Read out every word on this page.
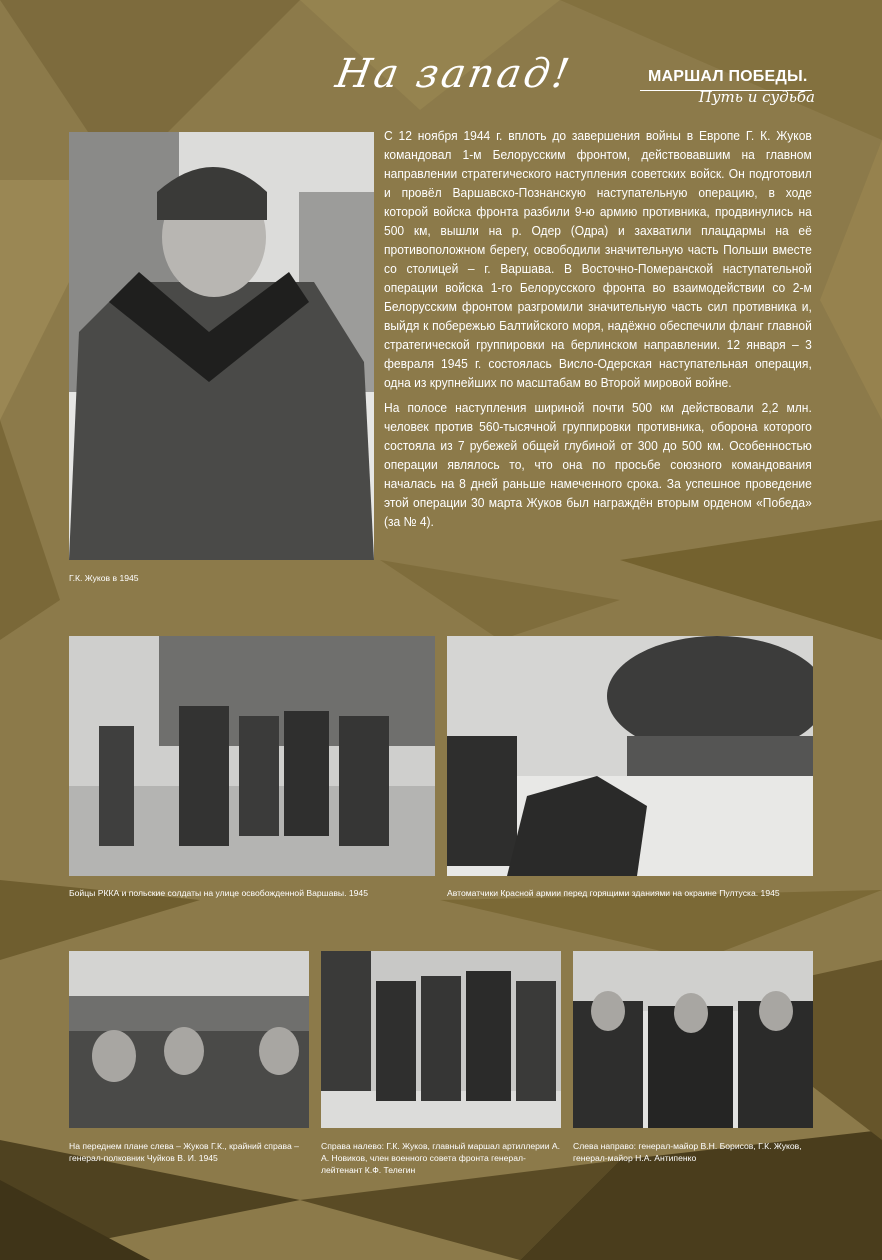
На запад!	МАРШАЛ ПОБЕДЫ.
Путь и судьба
Г.К. Жуков в 1945

С 12 ноября 1944 г. вплоть до завершения войны в Европе Г. К. Жуков командовал 1-м Белорусским фронтом, действовавшим на главном направлении стратегического наступления советских войск. Он подготовил и провёл Варшавско-Познанскую наступательную операцию, в ходе которой войска фронта разбили 9-ю армию противника, продвинулись на 500 км, вышли на р. Одер (Одра) и захватили плацдармы на её противоположном берегу, освободили значительную часть Польши вместе со столицей – г. Варшава. В Восточно-Померанской наступательной операции войска 1-го Белорусского фронта во взаимодействии со 2-м Белорусским фронтом разгромили значительную часть сил противника и, выйдя к побережью Балтийского моря, надёжно обеспечили фланг главной стратегической группировки на берлинском направлении. 12 января – 3 февраля 1945 г. состоялась Висло-Одерская наступательная операция, одна из крупнейших по масштабам во Второй мировой войне.

На полосе наступления шириной почти 500 км действовали 2,2 млн. человек против 560-тысячной группировки противника, оборона которого состояла из 7 рубежей общей глубиной от 300 до 500 км. Особенностью операции являлось то, что она по просьбе союзного командования началась на 8 дней раньше намеченного срока. За успешное проведение этой операции 30 марта Жуков был награждён вторым орденом «Победа» (за № 4).

Бойцы РККА и польские солдаты на улице освобожденной Варшавы. 1945	Автоматчики Красной армии перед горящими зданиями на окраине Пултуска. 1945
На переднем плане слева – Жуков Г.К., крайний справа – генерал-полковник Чуйков В. И. 1945
Справа налево: Г.К. Жуков, главный маршал артиллерии А. А. Новиков, член военного совета фронта генерал-лейтенант К.Ф. Телегин
Слева направо: генерал-майор В.Н. Борисов, Г.К. Жуков, генерал-майор Н.А. Антипенко
